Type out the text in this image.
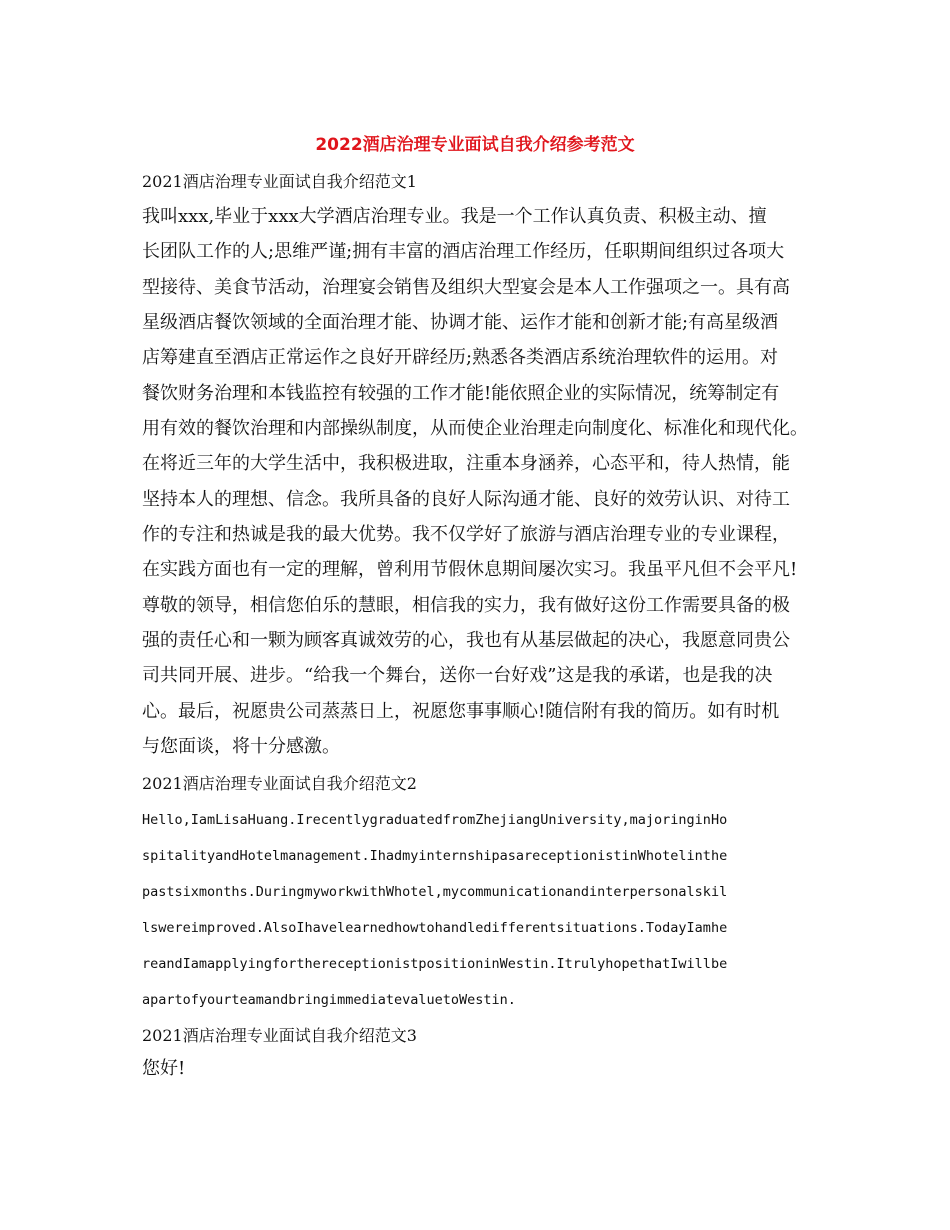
2022酒店治理专业面试自我介绍参考范文
2021酒店治理专业面试自我介绍范文1
我叫xxx,毕业于xxx大学酒店治理专业。我是一个工作认真负责、积极主动、擅
长团队工作的人;思维严谨;拥有丰富的酒店治理工作经历，任职期间组织过各项大
型接待、美食节活动，治理宴会销售及组织大型宴会是本人工作强项之一。具有高
星级酒店餐饮领域的全面治理才能、协调才能、运作才能和创新才能;有高星级酒
店筹建直至酒店正常运作之良好开辟经历;熟悉各类酒店系统治理软件的运用。对
餐饮财务治理和本钱监控有较强的工作才能!能依照企业的实际情况，统筹制定有
用有效的餐饮治理和内部操纵制度，从而使企业治理走向制度化、标准化和现代化。
在将近三年的大学生活中，我积极进取，注重本身涵养，心态平和，待人热情，能
坚持本人的理想、信念。我所具备的良好人际沟通才能、良好的效劳认识、对待工
作的专注和热诚是我的最大优势。我不仅学好了旅游与酒店治理专业的专业课程，
在实践方面也有一定的理解，曾利用节假休息期间屡次实习。我虽平凡但不会平凡!
尊敬的领导，相信您伯乐的慧眼，相信我的实力，我有做好这份工作需要具备的极
强的责任心和一颗为顾客真诚效劳的心，我也有从基层做起的决心，我愿意同贵公
司共同开展、进步。“给我一个舞台，送你一台好戏”这是我的承诺，也是我的决
心。最后，祝愿贵公司蒸蒸日上，祝愿您事事顺心!随信附有我的简历。如有时机
与您面谈，将十分感激。
2021酒店治理专业面试自我介绍范文2
Hello,IamLisaHuang.IrecentlygraduatedfromZhejiangUniversity,majoringinHo
spitalityandHotelmanagement.IhadmyinternshipasareceptionistinWhotelinthe
pastsixmonths.DuringmyworkwithWhotel,mycommunicationandinterpersonalskil
lswereimproved.AlsoIhavelearnedhowtohandledifferentsituations.TodayIamhe
reandIamapplyingforthereceptionistpositioninWestin.ItrulyhopethatIwillbe
apartofyourteamandbringimmediatevaluetoWestin.
2021酒店治理专业面试自我介绍范文3
您好!
